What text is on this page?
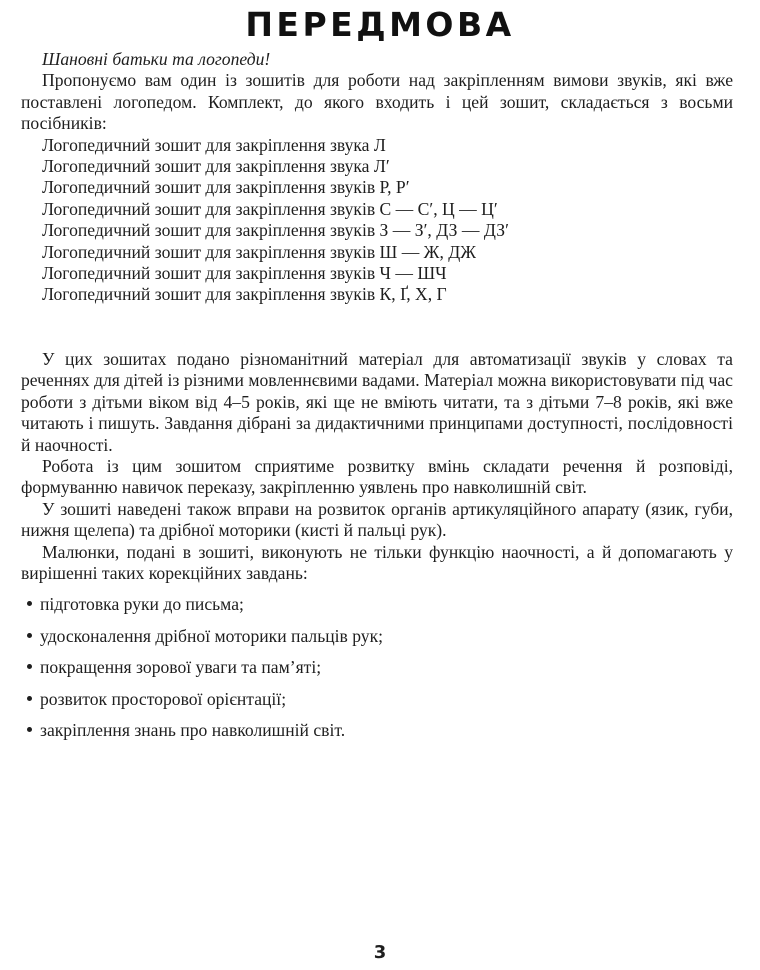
ПЕРЕДМОВА

Шановні батьки та логопеди!

Пропонуємо вам один із зошитів для роботи над закріпленням вимови звуків, які вже поставлені логопедом. Комплект, до якого входить і цей зошит, складається з восьми посібників:

Логопедичний зошит для закріплення звука Л

Логопедичний зошит для закріплення звука Л′

Логопедичний зошит для закріплення звуків Р, Р′

Логопедичний зошит для закріплення звуків С — С′, Ц — Ц′

Логопедичний зошит для закріплення звуків З — З′, ДЗ — ДЗ′

Логопедичний зошит для закріплення звуків Ш — Ж, ДЖ

Логопедичний зошит для закріплення звуків Ч — ШЧ

Логопедичний зошит для закріплення звуків К, Ґ, Х, Г

У цих зошитах подано різноманітний матеріал для автоматизації звуків у словах та реченнях для дітей із різними мовленнєвими вадами. Матеріал можна використовувати під час роботи з дітьми віком від 4–5 років, які ще не вміють читати, та з дітьми 7–8 років, які вже читають і пишуть. Завдання дібрані за дидактичними принципами доступності, послідовності й наочності.

Робота із цим зошитом сприятиме розвитку вмінь складати речення й розповіді, формуванню навичок переказу, закріпленню уявлень про навколишній світ.

У зошиті наведені також вправи на розвиток органів артикуляційного апарату (язик, губи, нижня щелепа) та дрібної моторики (кисті й пальці рук).

Малюнки, подані в зошиті, виконують не тільки функцію наочності, а й допомагають у вирішенні таких корекційних завдань:

підготовка руки до письма;
удосконалення дрібної моторики пальців рук;
покращення зорової уваги та пам’яті;
розвиток просторової орієнтації;
закріплення знань про навколишній світ.
3
